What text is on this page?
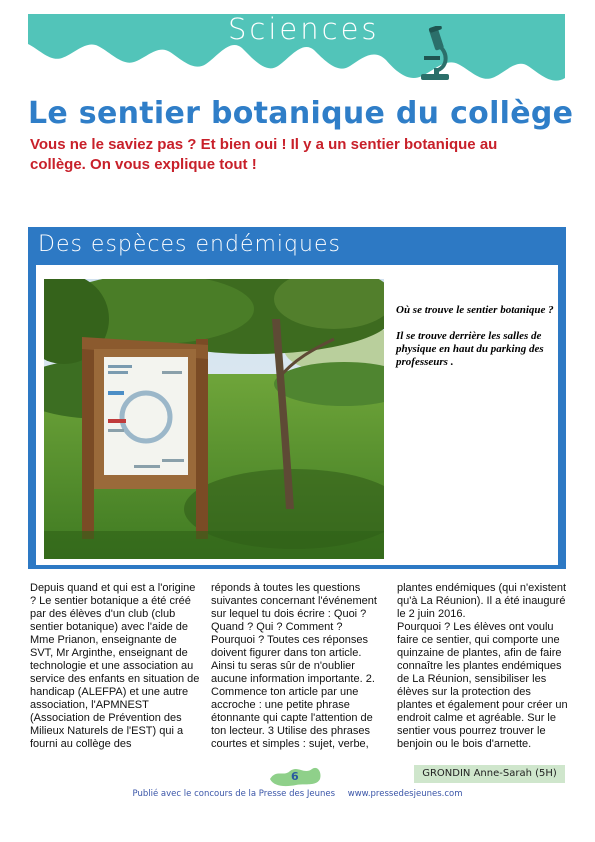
Sciences
Le sentier botanique du collège
Vous ne le saviez pas ? Et bien oui ! Il y a un sentier botanique au collège. On vous explique tout !
Des espèces endémiques

Où se trouve le sentier botanique ?

Il se trouve derrière les salles de physique en haut du parking des professeurs .

Depuis quand et qui est a l'origine ? Le sentier botanique a été créé par des élèves d'un club (club sentier botanique) avec l'aide de Mme Prianon, enseignante de SVT, Mr Arginthe, enseignant de technologie et une association au service des enfants en situation de handicap (ALEFPA) et une autre association, l'APMNEST (Association de Prévention des Milieux Naturels de l'EST) qui a fourni au collège des

réponds à toutes les questions suivantes concernant l'événement sur lequel tu dois écrire : Quoi ? Quand ? Qui ? Comment ? Pourquoi ? Toutes ces réponses doivent figurer dans ton article. Ainsi tu seras sûr de n'oublier aucune information importante. 2. Commence ton article par une accroche : une petite phrase étonnante qui capte l'attention de ton lecteur. 3 Utilise des phrases courtes et simples : sujet, verbe,

plantes endémiques (qui n'existent qu'à La Réunion). Il a été inauguré le 2 juin 2016.

Pourquoi ? Les élèves ont voulu faire ce sentier, qui comporte une quinzaine de plantes, afin de faire connaître les plantes endémiques de La Réunion, sensibiliser les élèves sur la protection des plantes et également pour créer un endroit calme et agréable. Sur le sentier vous pourrez trouver le benjoin ou le bois d'arnette.

6	GRONDIN Anne-Sarah (5H)
Publié avec le concours de la Presse des Jeunes www.pressedesjeunes.com
